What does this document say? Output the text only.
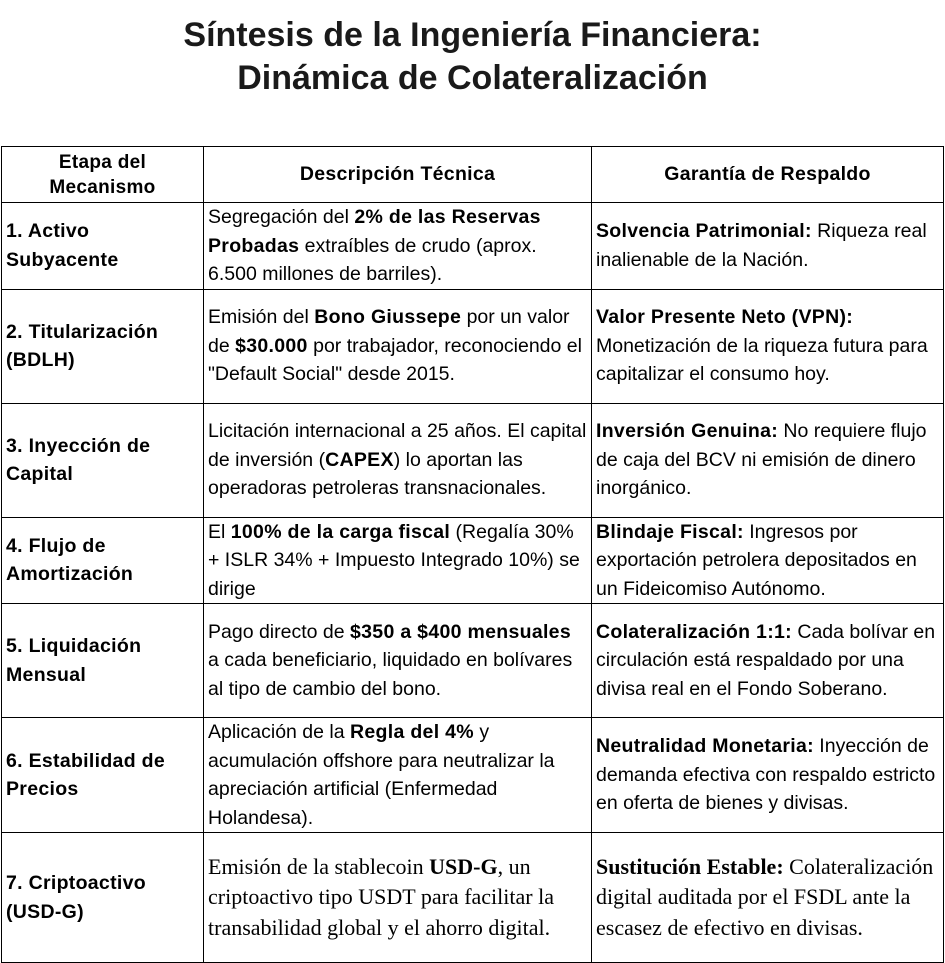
Síntesis de la Ingeniería Financiera:
Dinámica de Colateralización
Etapa del Mecanismo	Descripción Técnica	Garantía de Respaldo
1. Activo Subyacente	Segregación del 2% de las Reservas Probadas extraíbles de crudo (aprox. 6.500 millones de barriles).	Solvencia Patrimonial: Riqueza real inalienable de la Nación.
2. Titularización (BDLH)	Emisión del Bono Giussepe por un valor de $30.000 por trabajador, reconociendo el "Default Social" desde 2015.	Valor Presente Neto (VPN): Monetización de la riqueza futura para capitalizar el consumo hoy.
3. Inyección de Capital	Licitación internacional a 25 años. El capital de inversión (CAPEX) lo aportan las operadoras petroleras transnacionales.	Inversión Genuina: No requiere flujo de caja del BCV ni emisión de dinero inorgánico.
4. Flujo de Amortización	El 100% de la carga fiscal (Regalía 30% + ISLR 34% + Impuesto Integrado 10%) se dirige	Blindaje Fiscal: Ingresos por exportación petrolera depositados en un Fideicomiso Autónomo.
5. Liquidación Mensual	Pago directo de $350 a $400 mensuales a cada beneficiario, liquidado en bolívares al tipo de cambio del bono.	Colateralización 1:1: Cada bolívar en circulación está respaldado por una divisa real en el Fondo Soberano.
6. Estabilidad de Precios	Aplicación de la Regla del 4% y acumulación offshore para neutralizar la apreciación artificial (Enfermedad Holandesa).	Neutralidad Monetaria: Inyección de demanda efectiva con respaldo estricto en oferta de bienes y divisas.
7. Criptoactivo (USD-G)	Emisión de la stablecoin USD-G, un criptoactivo tipo USDT para facilitar la transabilidad global y el ahorro digital.	Sustitución Estable: Colateralización digital auditada por el FSDL ante la escasez de efectivo en divisas.
